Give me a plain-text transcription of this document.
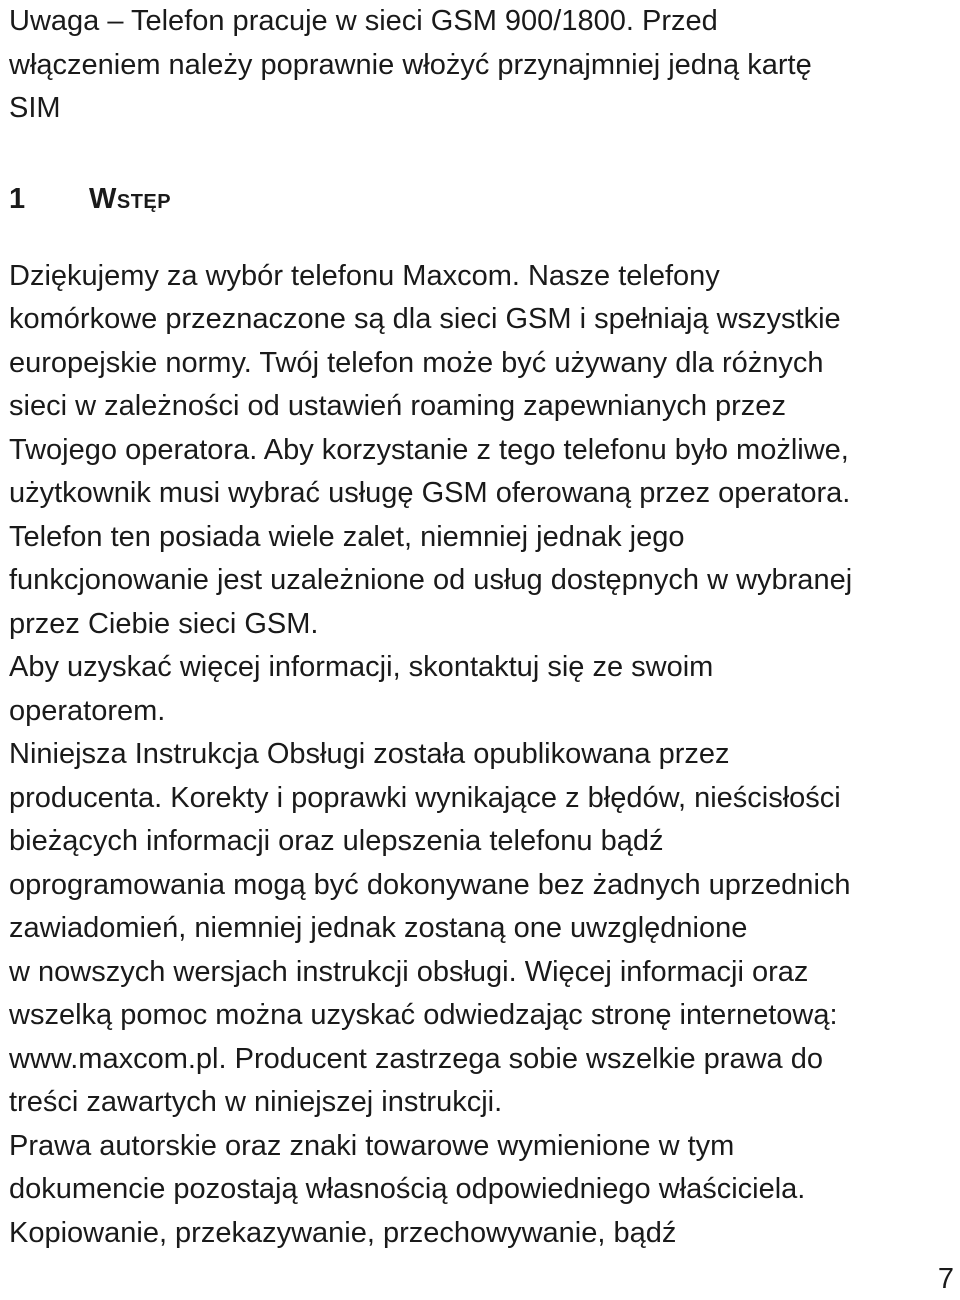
Uwaga – Telefon pracuje w sieci GSM 900/1800. Przed
włączeniem należy poprawnie włożyć przynajmniej jedną kartę
SIM
1	Wstęp
Dziękujemy za wybór telefonu Maxcom. Nasze telefony
komórkowe przeznaczone są dla sieci GSM i spełniają wszystkie
europejskie normy. Twój telefon może być używany dla różnych
sieci w zależności od ustawień roaming zapewnianych przez
Twojego operatora. Aby korzystanie z tego telefonu było możliwe,
użytkownik musi wybrać usługę GSM oferowaną przez operatora.
Telefon ten posiada wiele zalet, niemniej jednak jego
funkcjonowanie jest uzależnione od usług dostępnych w wybranej
przez Ciebie sieci GSM.
Aby uzyskać więcej informacji, skontaktuj się ze swoim
operatorem.
Niniejsza Instrukcja Obsługi została opublikowana przez
producenta. Korekty i poprawki wynikające z błędów, nieścisłości
bieżących informacji oraz ulepszenia telefonu bądź
oprogramowania mogą być dokonywane bez żadnych uprzednich
zawiadomień, niemniej jednak zostaną one uwzględnione
w nowszych wersjach instrukcji obsługi. Więcej informacji oraz
wszelką pomoc można uzyskać odwiedzając stronę internetową:
www.maxcom.pl. Producent zastrzega sobie wszelkie prawa do
treści zawartych w niniejszej instrukcji.
Prawa autorskie oraz znaki towarowe wymienione w tym
dokumencie pozostają własnością odpowiedniego właściciela.
Kopiowanie, przekazywanie, przechowywanie, bądź
7
